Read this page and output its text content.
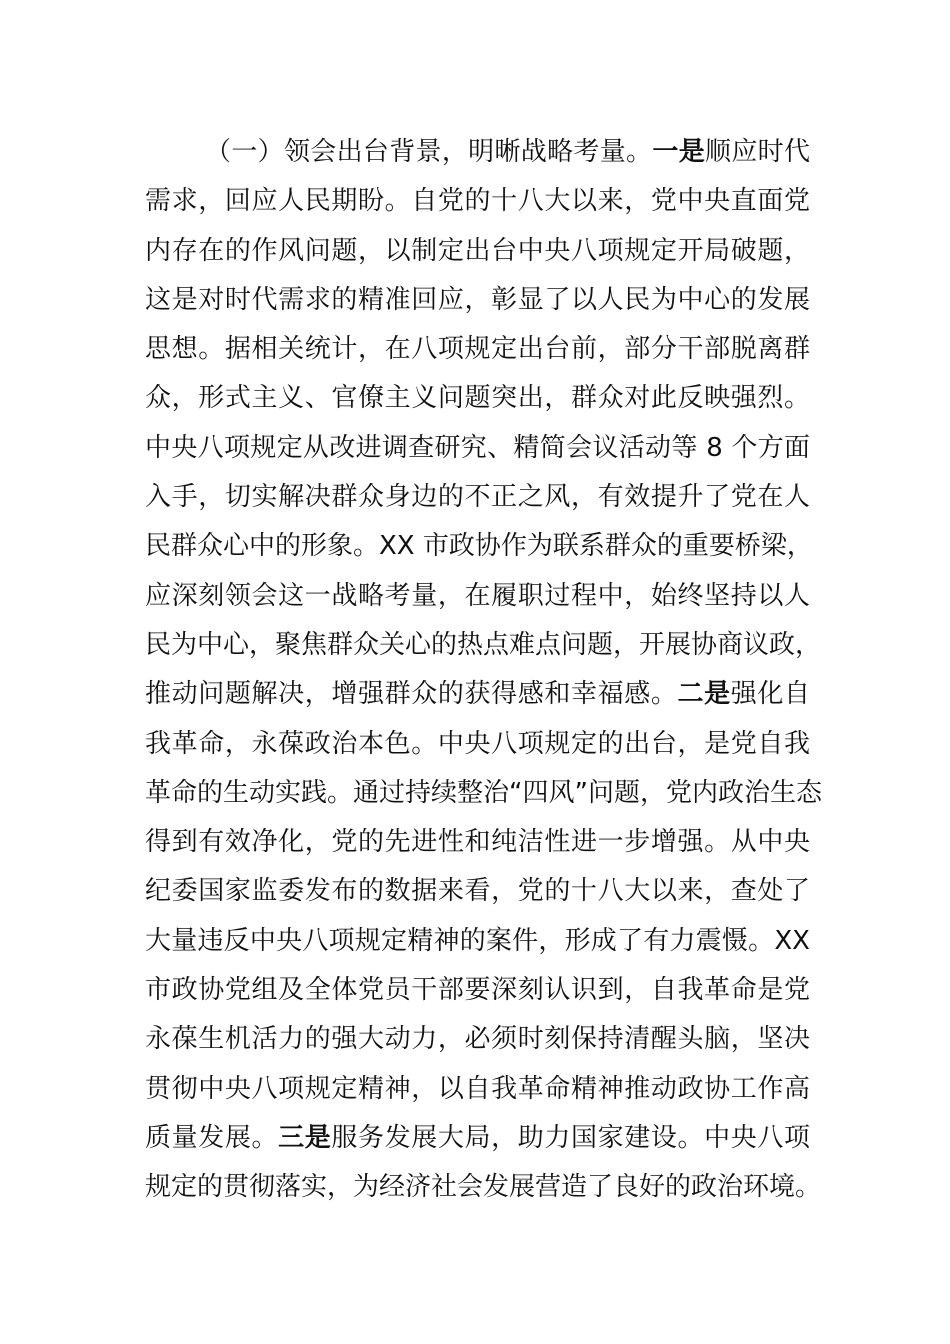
（一）领会出台背景，明晰战略考量。一是顺应时代
需求，回应人民期盼。自党的十八大以来，党中央直面党
内存在的作风问题，以制定出台中央八项规定开局破题，
这是对时代需求的精准回应，彰显了以人民为中心的发展
思想。据相关统计，在八项规定出台前，部分干部脱离群
众，形式主义、官僚主义问题突出，群众对此反映强烈。
中央八项规定从改进调查研究、精简会议活动等 8 个方面
入手，切实解决群众身边的不正之风，有效提升了党在人
民群众心中的形象。XX 市政协作为联系群众的重要桥梁，
应深刻领会这一战略考量，在履职过程中，始终坚持以人
民为中心，聚焦群众关心的热点难点问题，开展协商议政，
推动问题解决，增强群众的获得感和幸福感。二是强化自
我革命，永葆政治本色。中央八项规定的出台，是党自我
革命的生动实践。通过持续整治“四风”问题，党内政治生态
得到有效净化，党的先进性和纯洁性进一步增强。从中央
纪委国家监委发布的数据来看，党的十八大以来，查处了
大量违反中央八项规定精神的案件，形成了有力震慑。XX
市政协党组及全体党员干部要深刻认识到，自我革命是党
永葆生机活力的强大动力，必须时刻保持清醒头脑，坚决
贯彻中央八项规定精神，以自我革命精神推动政协工作高
质量发展。三是服务发展大局，助力国家建设。中央八项
规定的贯彻落实，为经济社会发展营造了良好的政治环境。
